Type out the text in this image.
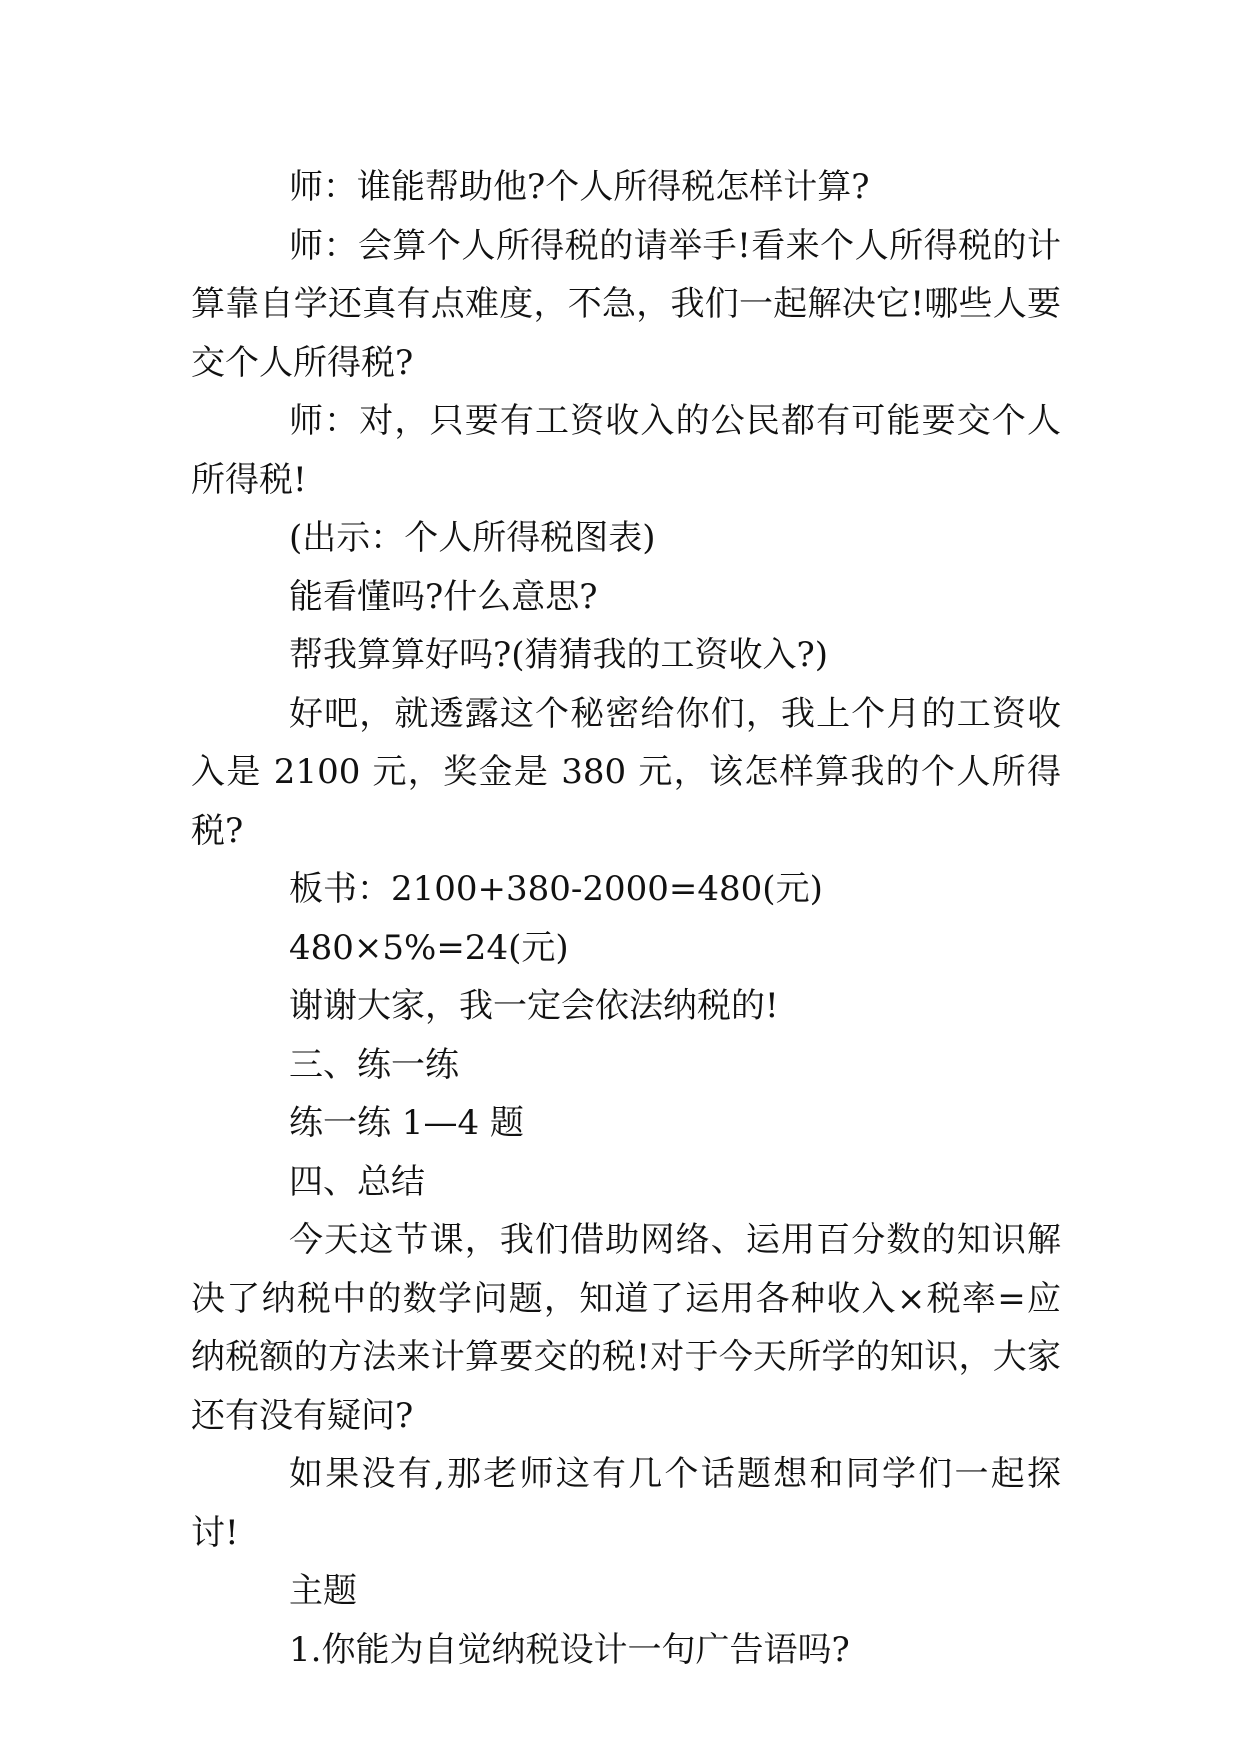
师：谁能帮助他?个人所得税怎样计算?

师：会算个人所得税的请举手!看来个人所得税的计算靠自学还真有点难度，不急，我们一起解决它!哪些人要交个人所得税?

师：对，只要有工资收入的公民都有可能要交个人所得税!

(出示：个人所得税图表)

能看懂吗?什么意思?

帮我算算好吗?(猜猜我的工资收入?)

好吧，就透露这个秘密给你们，我上个月的工资收入是 2100 元，奖金是 380 元，该怎样算我的个人所得税?

板书：2100+380-2000=480(元)

480×5%=24(元)

谢谢大家，我一定会依法纳税的!

三、练一练

练一练 1—4 题

四、总结

今天这节课，我们借助网络、运用百分数的知识解决了纳税中的数学问题，知道了运用各种收入×税率=应纳税额的方法来计算要交的税!对于今天所学的知识，大家还有没有疑问?

如果没有,那老师这有几个话题想和同学们一起探讨!

主题

1.你能为自觉纳税设计一句广告语吗?
